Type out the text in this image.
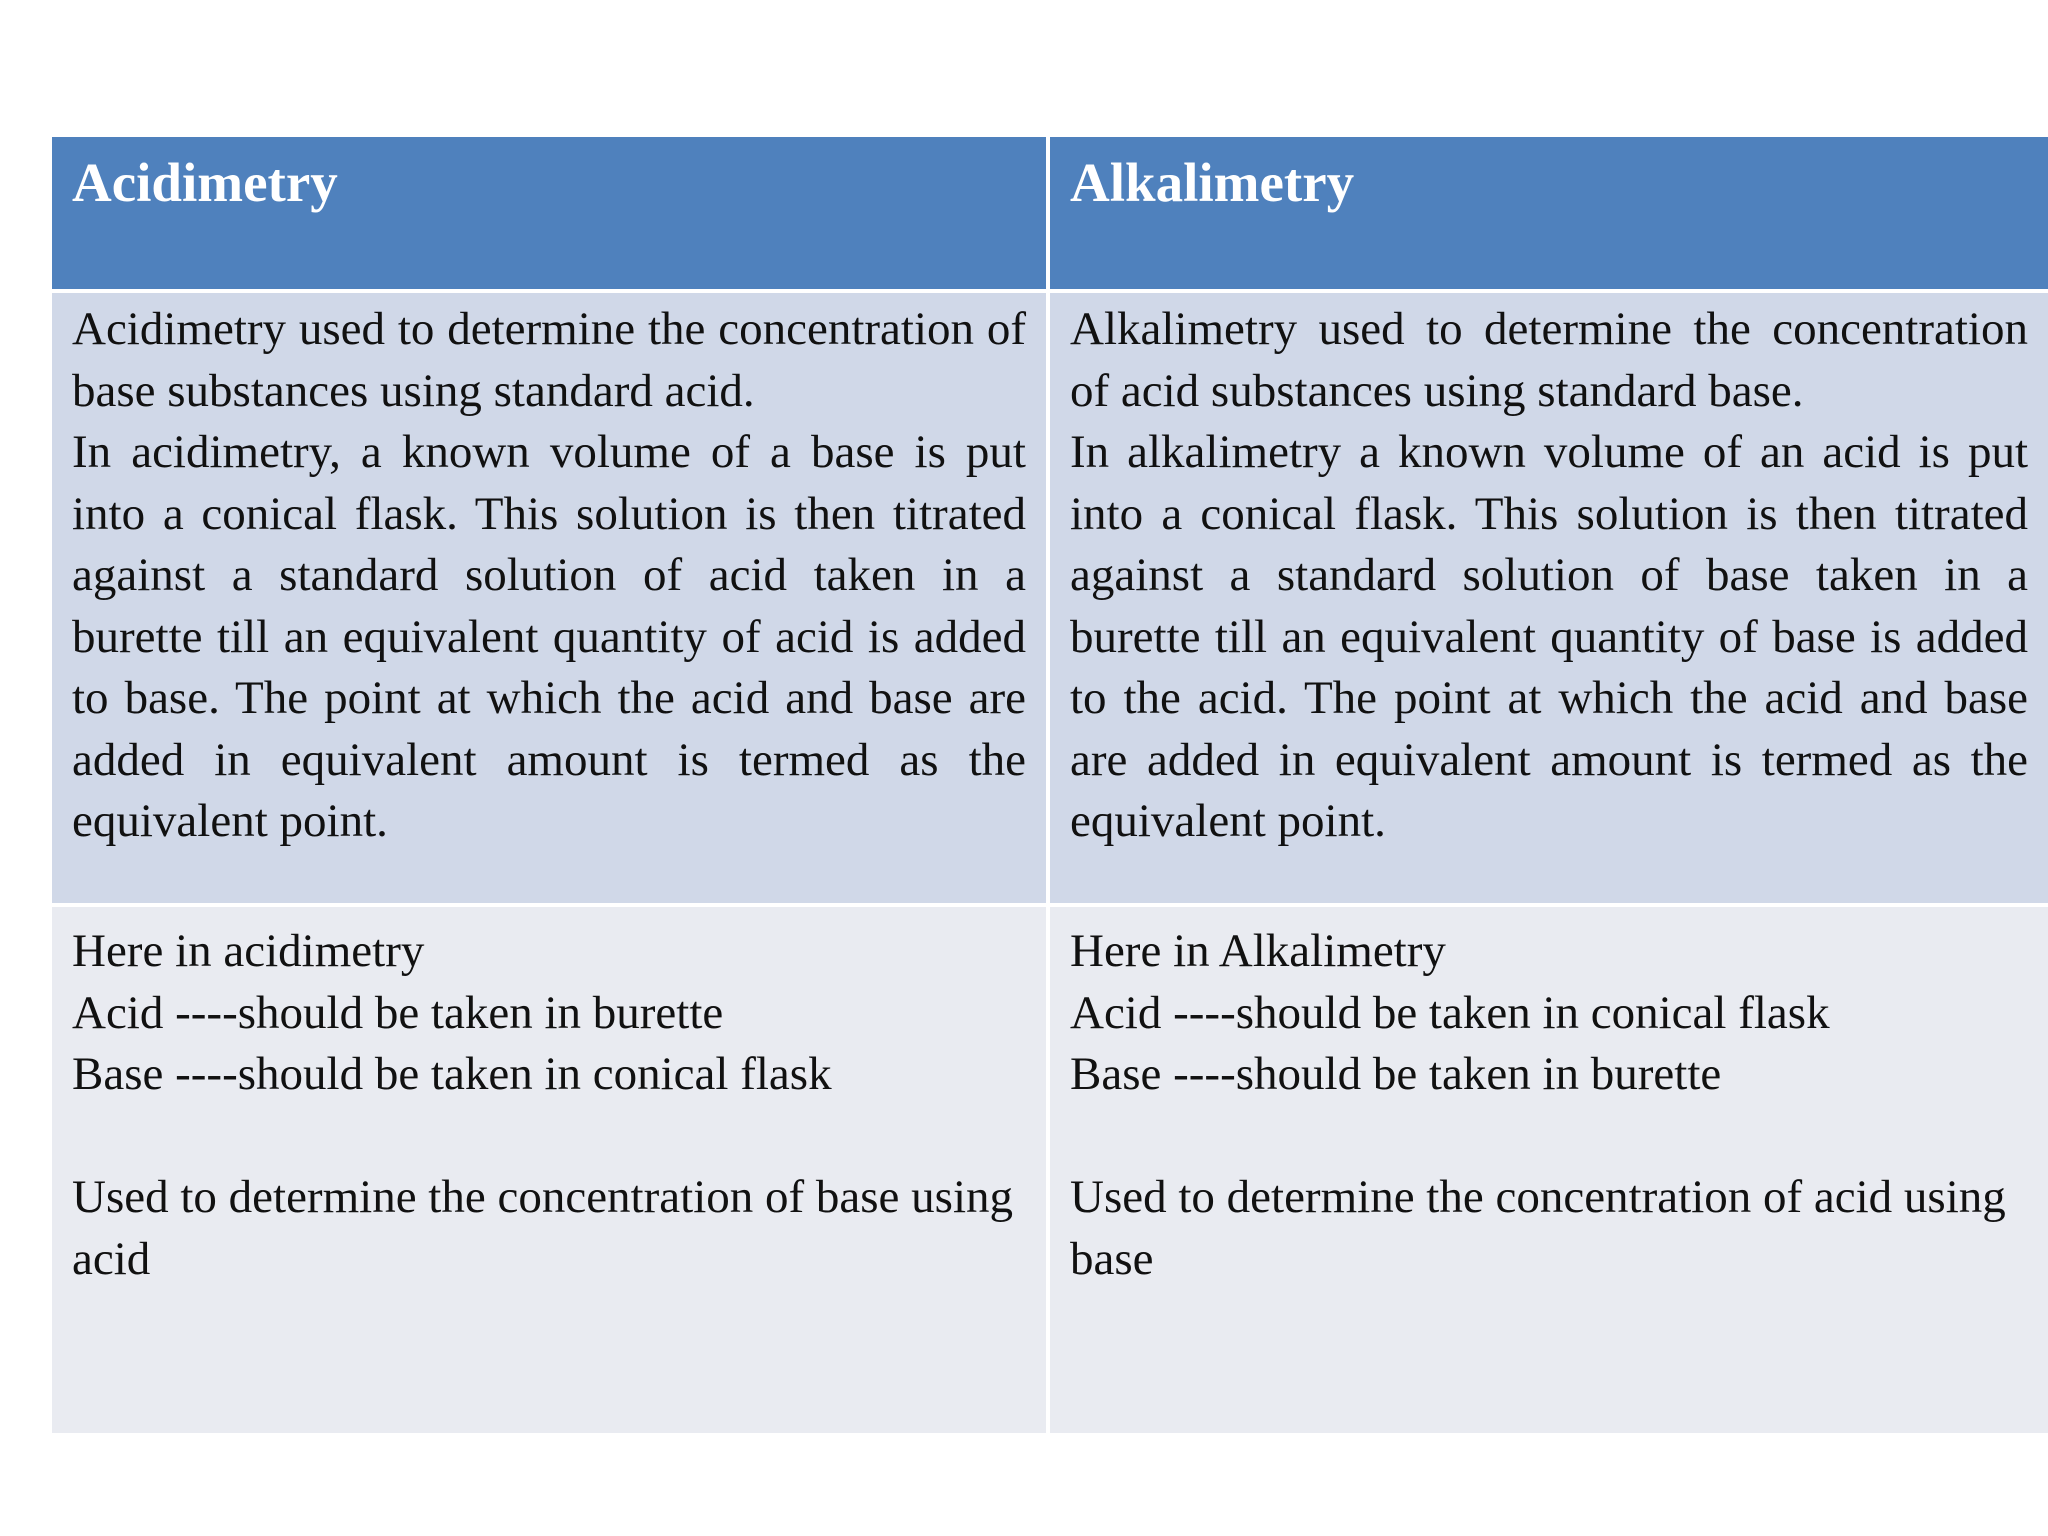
Acidimetry	Alkalimetry

Acidimetry used to determine the concentration of base substances using standard acid.

In acidimetry, a known volume of a base is put into a conical flask. This solution is then titrated against a standard solution of acid taken in a burette till an equivalent quantity of acid is added to base. The point at which the acid and base are added in equivalent amount is termed as the equivalent point.

Alkalimetry used to determine the concentration of acid substances using standard base.

In alkalimetry a known volume of an acid is put into a conical flask. This solution is then titrated against a standard solution of base taken in a burette till an equivalent quantity of base is added to the acid. The point at which the acid and base are added in equivalent amount is termed as the equivalent point.

Here in acidimetry

Acid ----should be taken in burette

Base ----should be taken in conical flask

Used to determine the concentration of base using acid

Here in Alkalimetry

Acid ----should be taken in conical flask

Base ----should be taken in burette

Used to determine the concentration of acid using base
